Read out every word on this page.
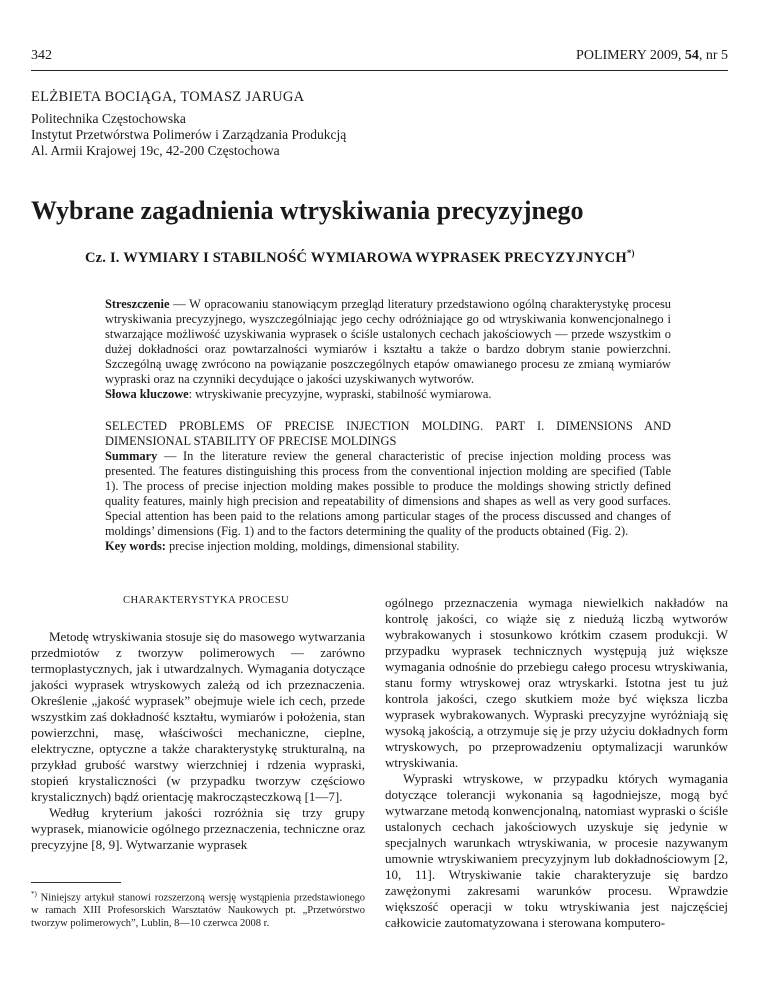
342	POLIMERY 2009, 54, nr 5
ELŻBIETA BOCIĄGA, TOMASZ JARUGA
Politechnika Częstochowska
Instytut Przetwórstwa Polimerów i Zarządzania Produkcją
Al. Armii Krajowej 19c, 42-200 Częstochowa
Wybrane zagadnienia wtryskiwania precyzyjnego
Cz. I. WYMIARY I STABILNOŚĆ WYMIAROWA WYPRASEK PRECYZYJNYCH*)

Streszczenie — W opracowaniu stanowiącym przegląd literatury przedstawiono ogólną charakterystykę procesu wtryskiwania precyzyjnego, wyszczególniając jego cechy odróżniające go od wtryskiwania konwencjonalnego i stwarzające możliwość uzyskiwania wyprasek o ściśle ustalonych cechach jakościowych — przede wszystkim o dużej dokładności oraz powtarzalności wymiarów i kształtu a także o bardzo dobrym stanie powierzchni. Szczególną uwagę zwrócono na powiązanie poszczególnych etapów omawianego procesu ze zmianą wymiarów wypraski oraz na czynniki decydujące o jakości uzyskiwanych wytworów.

Słowa kluczowe: wtryskiwanie precyzyjne, wypraski, stabilność wymiarowa.

SELECTED PROBLEMS OF PRECISE INJECTION MOLDING. PART I. DIMENSIONS AND DIMENSIONAL STABILITY OF PRECISE MOLDINGS

Summary — In the literature review the general characteristic of precise injection molding process was presented. The features distinguishing this process from the conventional injection molding are specified (Table 1). The process of precise injection molding makes possible to produce the moldings showing strictly defined quality features, mainly high precision and repeatability of dimensions and shapes as well as very good surfaces. Special attention has been paid to the relations among particular stages of the process discussed and changes of moldings’ dimensions (Fig. 1) and to the factors determining the quality of the products obtained (Fig. 2).

Key words: precise injection molding, moldings, dimensional stability.

CHARAKTERYSTYKA PROCESU

Metodę wtryskiwania stosuje się do masowego wytwarzania przedmiotów z tworzyw polimerowych — zarówno termoplastycznych, jak i utwardzalnych. Wymagania dotyczące jakości wyprasek wtryskowych zależą od ich przeznaczenia. Określenie „jakość wyprasek” obejmuje wiele ich cech, przede wszystkim zaś dokładność kształtu, wymiarów i położenia, stan powierzchni, masę, właściwości mechaniczne, cieplne, elektryczne, optyczne a także charakterystykę strukturalną, na przykład grubość warstwy wierzchniej i rdzenia wypraski, stopień krystaliczności (w przypadku tworzyw częściowo krystalicznych) bądź orientację makrocząsteczkową [1—7].

Według kryterium jakości rozróżnia się trzy grupy wyprasek, mianowicie ogólnego przeznaczenia, techniczne oraz precyzyjne [8, 9]. Wytwarzanie wyprasek

*) Niniejszy artykuł stanowi rozszerzoną wersję wystąpienia przedstawionego w ramach XIII Profesorskich Warsztatów Naukowych pt. „Przetwórstwo tworzyw polimerowych”, Lublin, 8—10 czerwca 2008 r.

ogólnego przeznaczenia wymaga niewielkich nakładów na kontrolę jakości, co wiąże się z niedużą liczbą wytworów wybrakowanych i stosunkowo krótkim czasem produkcji. W przypadku wyprasek technicznych występują już większe wymagania odnośnie do przebiegu całego procesu wtryskiwania, stanu formy wtryskowej oraz wtryskarki. Istotna jest tu już kontrola jakości, czego skutkiem może być większa liczba wyprasek wybrakowanych. Wypraski precyzyjne wyróżniają się wysoką jakością, a otrzymuje się je przy użyciu dokładnych form wtryskowych, po przeprowadzeniu optymalizacji warunków wtryskiwania.

Wypraski wtryskowe, w przypadku których wymagania dotyczące tolerancji wykonania są łagodniejsze, mogą być wytwarzane metodą konwencjonalną, natomiast wypraski o ściśle ustalonych cechach jakościowych uzyskuje się jedynie w specjalnych warunkach wtryskiwania, w procesie nazywanym umownie wtryskiwaniem precyzyjnym lub dokładnościowym [2, 10, 11]. Wtryskiwanie takie charakteryzuje się bardzo zawężonymi zakresami warunków procesu. Wprawdzie większość operacji w toku wtryskiwania jest najczęściej całkowicie zautomatyzowana i sterowana komputero-
